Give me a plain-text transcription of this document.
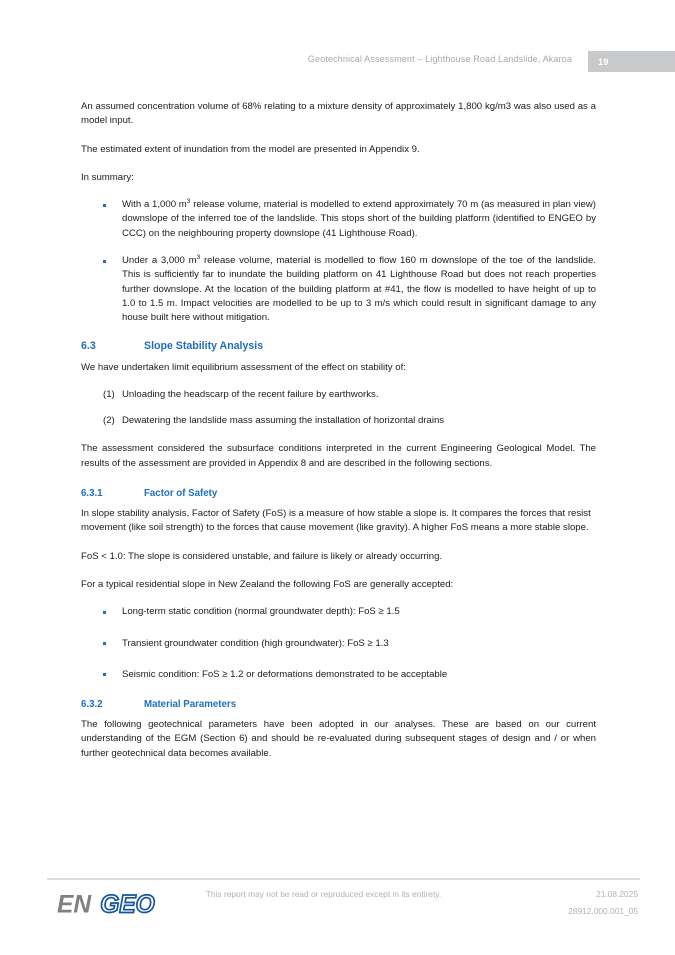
Geotechnical Assessment – Lighthouse Road Landslide, Akaroa	19

An assumed concentration volume of 68% relating to a mixture density of approximately 1,800 kg/m3 was also used as a model input.

The estimated extent of inundation from the model are presented in Appendix 9.

In summary:

With a 1,000 $m^3$ release volume, material is modelled to extend approximately 70 m (as measured in plan view) downslope of the inferred toe of the landslide. This stops short of the building platform (identified to ENGEO by CCC) on the neighbouring property downslope (41 Lighthouse Road).
Under a 3,000 $m^3$ release volume, material is modelled to flow 160 m downslope of the toe of the landslide. This is sufficiently far to inundate the building platform on 41 Lighthouse Road but does not reach properties further downslope. At the location of the building platform at #41, the flow is modelled to have height of up to 1.0 to 1.5 m. Impact velocities are modelled to be up to 3 m/s which could result in significant damage to any house built here without mitigation.
6.3	Slope Stability Analysis

We have undertaken limit equilibrium assessment of the effect on stability of:

(1) Unloading the headscarp of the recent failure by earthworks.
(2) Dewatering the landslide mass assuming the installation of horizontal drains

The assessment considered the subsurface conditions interpreted in the current Engineering Geological Model. The results of the assessment are provided in Appendix 8 and are described in the following sections.

6.3.1	Factor of Safety

In slope stability analysis, Factor of Safety (FoS) is a measure of how stable a slope is. It compares the forces that resist movement (like soil strength) to the forces that cause movement (like gravity). A higher FoS means a more stable slope.

FoS < 1.0: The slope is considered unstable, and failure is likely or already occurring.

For a typical residential slope in New Zealand the following FoS are generally accepted:

Long-term static condition (normal groundwater depth): FoS ≥ 1.5
Transient groundwater condition (high groundwater): FoS ≥ 1.3
Seismic condition: FoS ≥ 1.2 or deformations demonstrated to be acceptable
6.3.2	Material Parameters

The following geotechnical parameters have been adopted in our analyses. These are based on our current understanding of the EGM (Section 6) and should be re-evaluated during subsequent stages of design and / or when further geotechnical data becomes available.

EN GEO	This report may not be read or reproduced except in its entirety.	21.08.2025
28912.000.001_05
